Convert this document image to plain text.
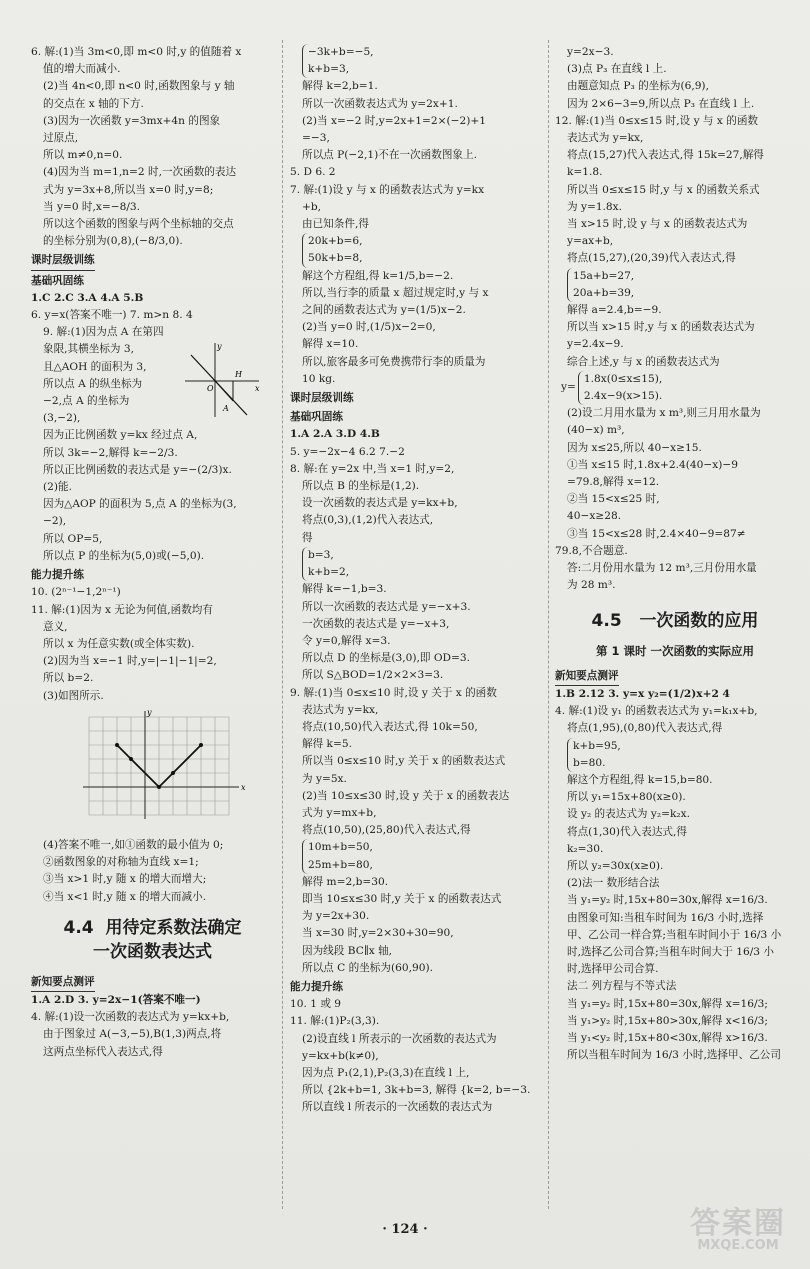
6. 解:(1)当 3m<0,即 m<0 时,y 的值随着 x
值的增大而减小.
(2)当 4n<0,即 n<0 时,函数图象与 y 轴
的交点在 x 轴的下方.
(3)因为一次函数 y=3mx+4n 的图象
过原点,
所以 m≠0,n=0.
(4)因为当 m=1,n=2 时,一次函数的表达
式为 y=3x+8,所以当 x=0 时,y=8;
当 y=0 时,x=−8/3.
所以这个函数的图象与两个坐标轴的交点
的坐标分别为(0,8),(−8/3,0).
课时层级训练
基础巩固练
1.C 2.C 3.A 4.A 5.B
6. y=x(答案不唯一) 7. m>n 8. 4
9. 解:(1)因为点 A 在第四
象限,其横坐标为 3,
且△AOH 的面积为 3,
所以点 A 的纵坐标为
−2,点 A 的坐标为
(3,−2),
因为正比例函数 y=kx 经过点 A,
所以 3k=−2,解得 k=−2/3.
所以正比例函数的表达式是 y=−(2/3)x.
(2)能.
因为△AOP 的面积为 5,点 A 的坐标为(3,
−2),
所以 OP=5,
所以点 P 的坐标为(5,0)或(−5,0).
能力提升练
10. (2ⁿ⁻¹−1,2ⁿ⁻¹)
11. 解:(1)因为 x 无论为何值,函数均有
意义,
所以 x 为任意实数(或全体实数).
(2)因为当 x=−1 时,y=|−1|−1|=2,
所以 b=2.
(3)如图所示.
x
y
(4)答案不唯一,如①函数的最小值为 0;
②函数图象的对称轴为直线 x=1;
③当 x>1 时,y 随 x 的增大而增大;
④当 x<1 时,y 随 x 的增大而减小.
4.4 用待定系数法确定
一次函数表达式
新知要点测评
1.A 2.D 3. y=2x−1(答案不唯一)
4. 解:(1)设一次函数的表达式为 y=kx+b,
由于图象过 A(−3,−5),B(1,3)两点,将
这两点坐标代入表达式,得
O
H
A
x
y
−3k+b=−5,
k+b=3,
解得 k=2,b=1.
所以一次函数表达式为 y=2x+1.
(2)当 x=−2 时,y=2x+1=2×(−2)+1
=−3,
所以点 P(−2,1)不在一次函数图象上.
5. D 6. 2
7. 解:(1)设 y 与 x 的函数表达式为 y=kx
+b,
由已知条件,得
20k+b=6,
50k+b=8,
解这个方程组,得 k=1/5,b=−2.
所以,当行李的质量 x 超过规定时,y 与 x
之间的函数表达式为 y=(1/5)x−2.
(2)当 y=0 时,(1/5)x−2=0,
解得 x=10.
所以,旅客最多可免费携带行李的质量为
10 kg.
课时层级训练
基础巩固练
1.A 2.A 3.D 4.B
5. y=−2x−4 6.2 7.−2
8. 解:在 y=2x 中,当 x=1 时,y=2,
所以点 B 的坐标是(1,2).
设一次函数的表达式是 y=kx+b,
将点(0,3),(1,2)代入表达式,
得
b=3,
k+b=2,
解得 k=−1,b=3.
所以一次函数的表达式是 y=−x+3.
一次函数的表达式是 y=−x+3,
令 y=0,解得 x=3.
所以点 D 的坐标是(3,0),即 OD=3.
所以 S△BOD=1/2×2×3=3.
9. 解:(1)当 0≤x≤10 时,设 y 关于 x 的函数
表达式为 y=kx,
将点(10,50)代入表达式,得 10k=50,
解得 k=5.
所以当 0≤x≤10 时,y 关于 x 的函数表达式
为 y=5x.
(2)当 10≤x≤30 时,设 y 关于 x 的函数表达
式为 y=mx+b,
将点(10,50),(25,80)代入表达式,得
10m+b=50,
25m+b=80,
解得 m=2,b=30.
即当 10≤x≤30 时,y 关于 x 的函数表达式
为 y=2x+30.
当 x=30 时,y=2×30+30=90,
因为线段 BC∥x 轴,
所以点 C 的坐标为(60,90).
能力提升练
10. 1 或 9
11. 解:(1)P₂(3,3).
(2)设直线 l 所表示的一次函数的表达式为
y=kx+b(k≠0),
因为点 P₁(2,1),P₂(3,3)在直线 l 上,
所以 {2k+b=1, 3k+b=3, 解得 {k=2, b=−3.
所以直线 l 所表示的一次函数的表达式为
y=2x−3.
(3)点 P₃ 在直线 l 上.
由题意知点 P₃ 的坐标为(6,9),
因为 2×6−3=9,所以点 P₃ 在直线 l 上.
12. 解:(1)当 0≤x≤15 时,设 y 与 x 的函数
表达式为 y=kx,
将点(15,27)代入表达式,得 15k=27,解得
k=1.8.
所以当 0≤x≤15 时,y 与 x 的函数关系式
为 y=1.8x.
当 x>15 时,设 y 与 x 的函数表达式为
y=ax+b,
将点(15,27),(20,39)代入表达式,得
15a+b=27,
20a+b=39,
解得 a=2.4,b=−9.
所以当 x>15 时,y 与 x 的函数表达式为
y=2.4x−9.
综合上述,y 与 x 的函数表达式为
y=
1.8x(0≤x≤15),
2.4x−9(x>15).
(2)设二月用水量为 x m³,则三月用水量为
(40−x) m³,
因为 x≤25,所以 40−x≥15.
①当 x≤15 时,1.8x+2.4(40−x)−9
=79.8,解得 x=12.
②当 15<x≤25 时,
40−x≥28.
③当 15<x≤28 时,2.4×40−9=87≠
79.8,不合题意.
答:二月份用水量为 12 m³,三月份用水量
为 28 m³.
4.5 一次函数的应用
第 1 课时 一次函数的实际应用
新知要点测评
1.B 2.12 3. y=x y₂=(1/2)x+2 4
4. 解:(1)设 y₁ 的函数表达式为 y₁=k₁x+b,
将点(1,95),(0,80)代入表达式,得
k+b=95,
b=80.
解这个方程组,得 k=15,b=80.
所以 y₁=15x+80(x≥0).
设 y₂ 的表达式为 y₂=k₂x.
将点(1,30)代入表达式,得
k₂=30.
所以 y₂=30x(x≥0).
(2)法一 数形结合法
当 y₁=y₂ 时,15x+80=30x,解得 x=16/3.
由图象可知:当租车时间为 16/3 小时,选择
甲、乙公司一样合算;当租车时间小于 16/3 小
时,选择乙公司合算;当租车时间大于 16/3 小
时,选择甲公司合算.
法二 列方程与不等式法
当 y₁=y₂ 时,15x+80=30x,解得 x=16/3;
当 y₁>y₂ 时,15x+80>30x,解得 x<16/3;
当 y₁<y₂ 时,15x+80<30x,解得 x>16/3.
所以当租车时间为 16/3 小时,选择甲、乙公司
· 124 ·	答案圈
MXQE.COM
